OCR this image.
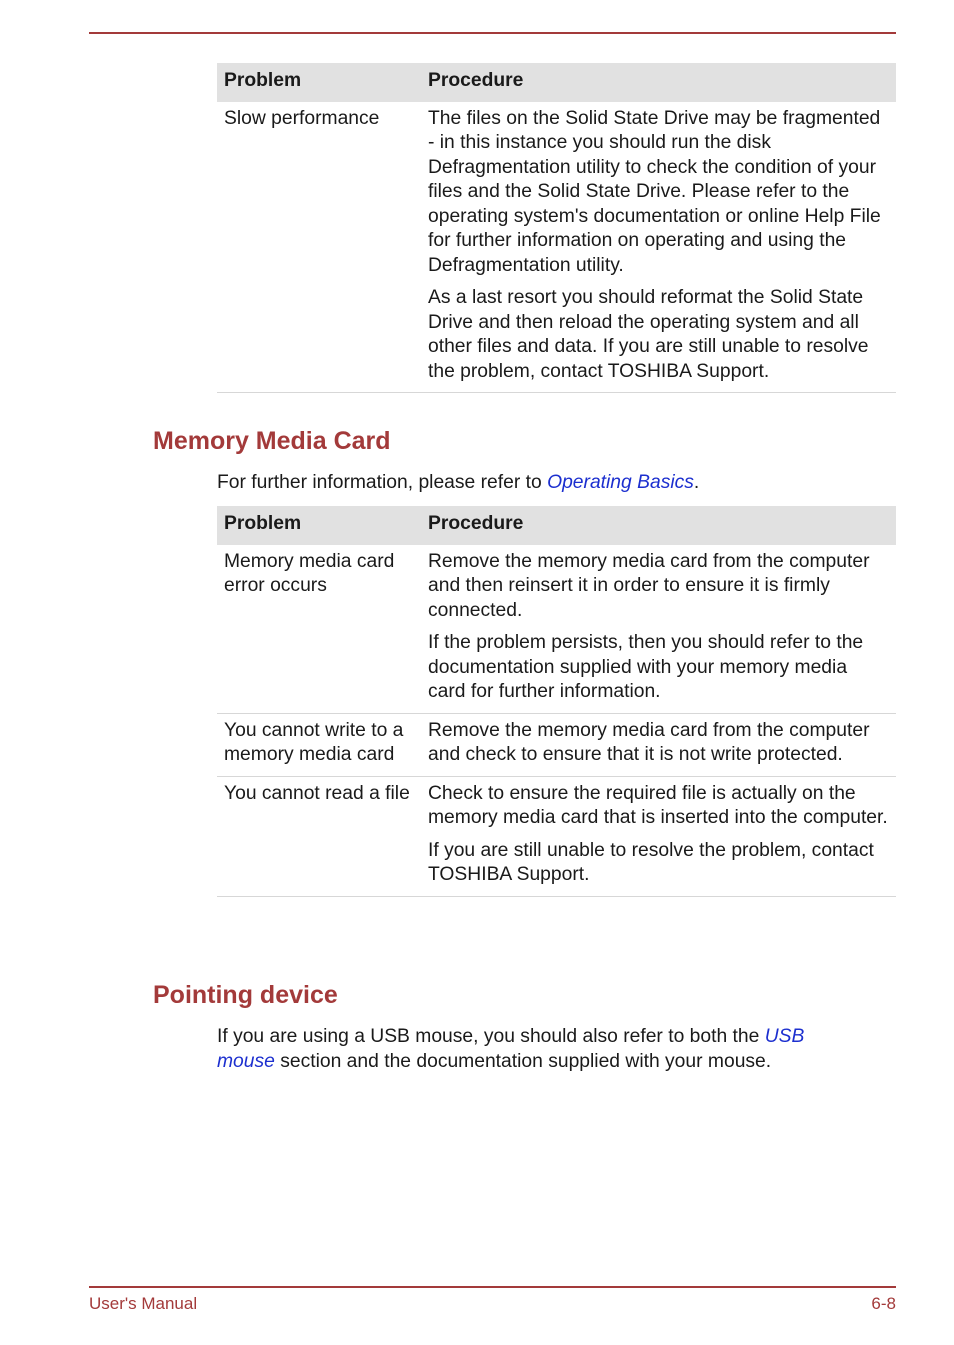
Problem	Procedure
Slow performance	The files on the Solid State Drive may be fragmented - in this instance you should run the disk Defragmentation utility to check the condition of your files and the Solid State Drive. Please refer to the operating system's documentation or online Help File for further information on operating and using the Defragmentation utility.

As a last resort you should reformat the Solid State Drive and then reload the operating system and all other files and data. If you are still unable to resolve the problem, contact TOSHIBA Support.

Memory Media Card

For further information, please refer to Operating Basics.

Problem	Procedure
Memory media card error occurs	Remove the memory media card from the computer and then reinsert it in order to ensure it is firmly connected.

If the problem persists, then you should refer to the documentation supplied with your memory media card for further information.

You cannot write to a memory media card	Remove the memory media card from the computer and check to ensure that it is not write protected.

You cannot read a file	Check to ensure the required file is actually on the memory media card that is inserted into the computer.

If you are still unable to resolve the problem, contact TOSHIBA Support.

Pointing device

If you are using a USB mouse, you should also refer to both the USB mouse section and the documentation supplied with your mouse.

User's Manual	6-8
